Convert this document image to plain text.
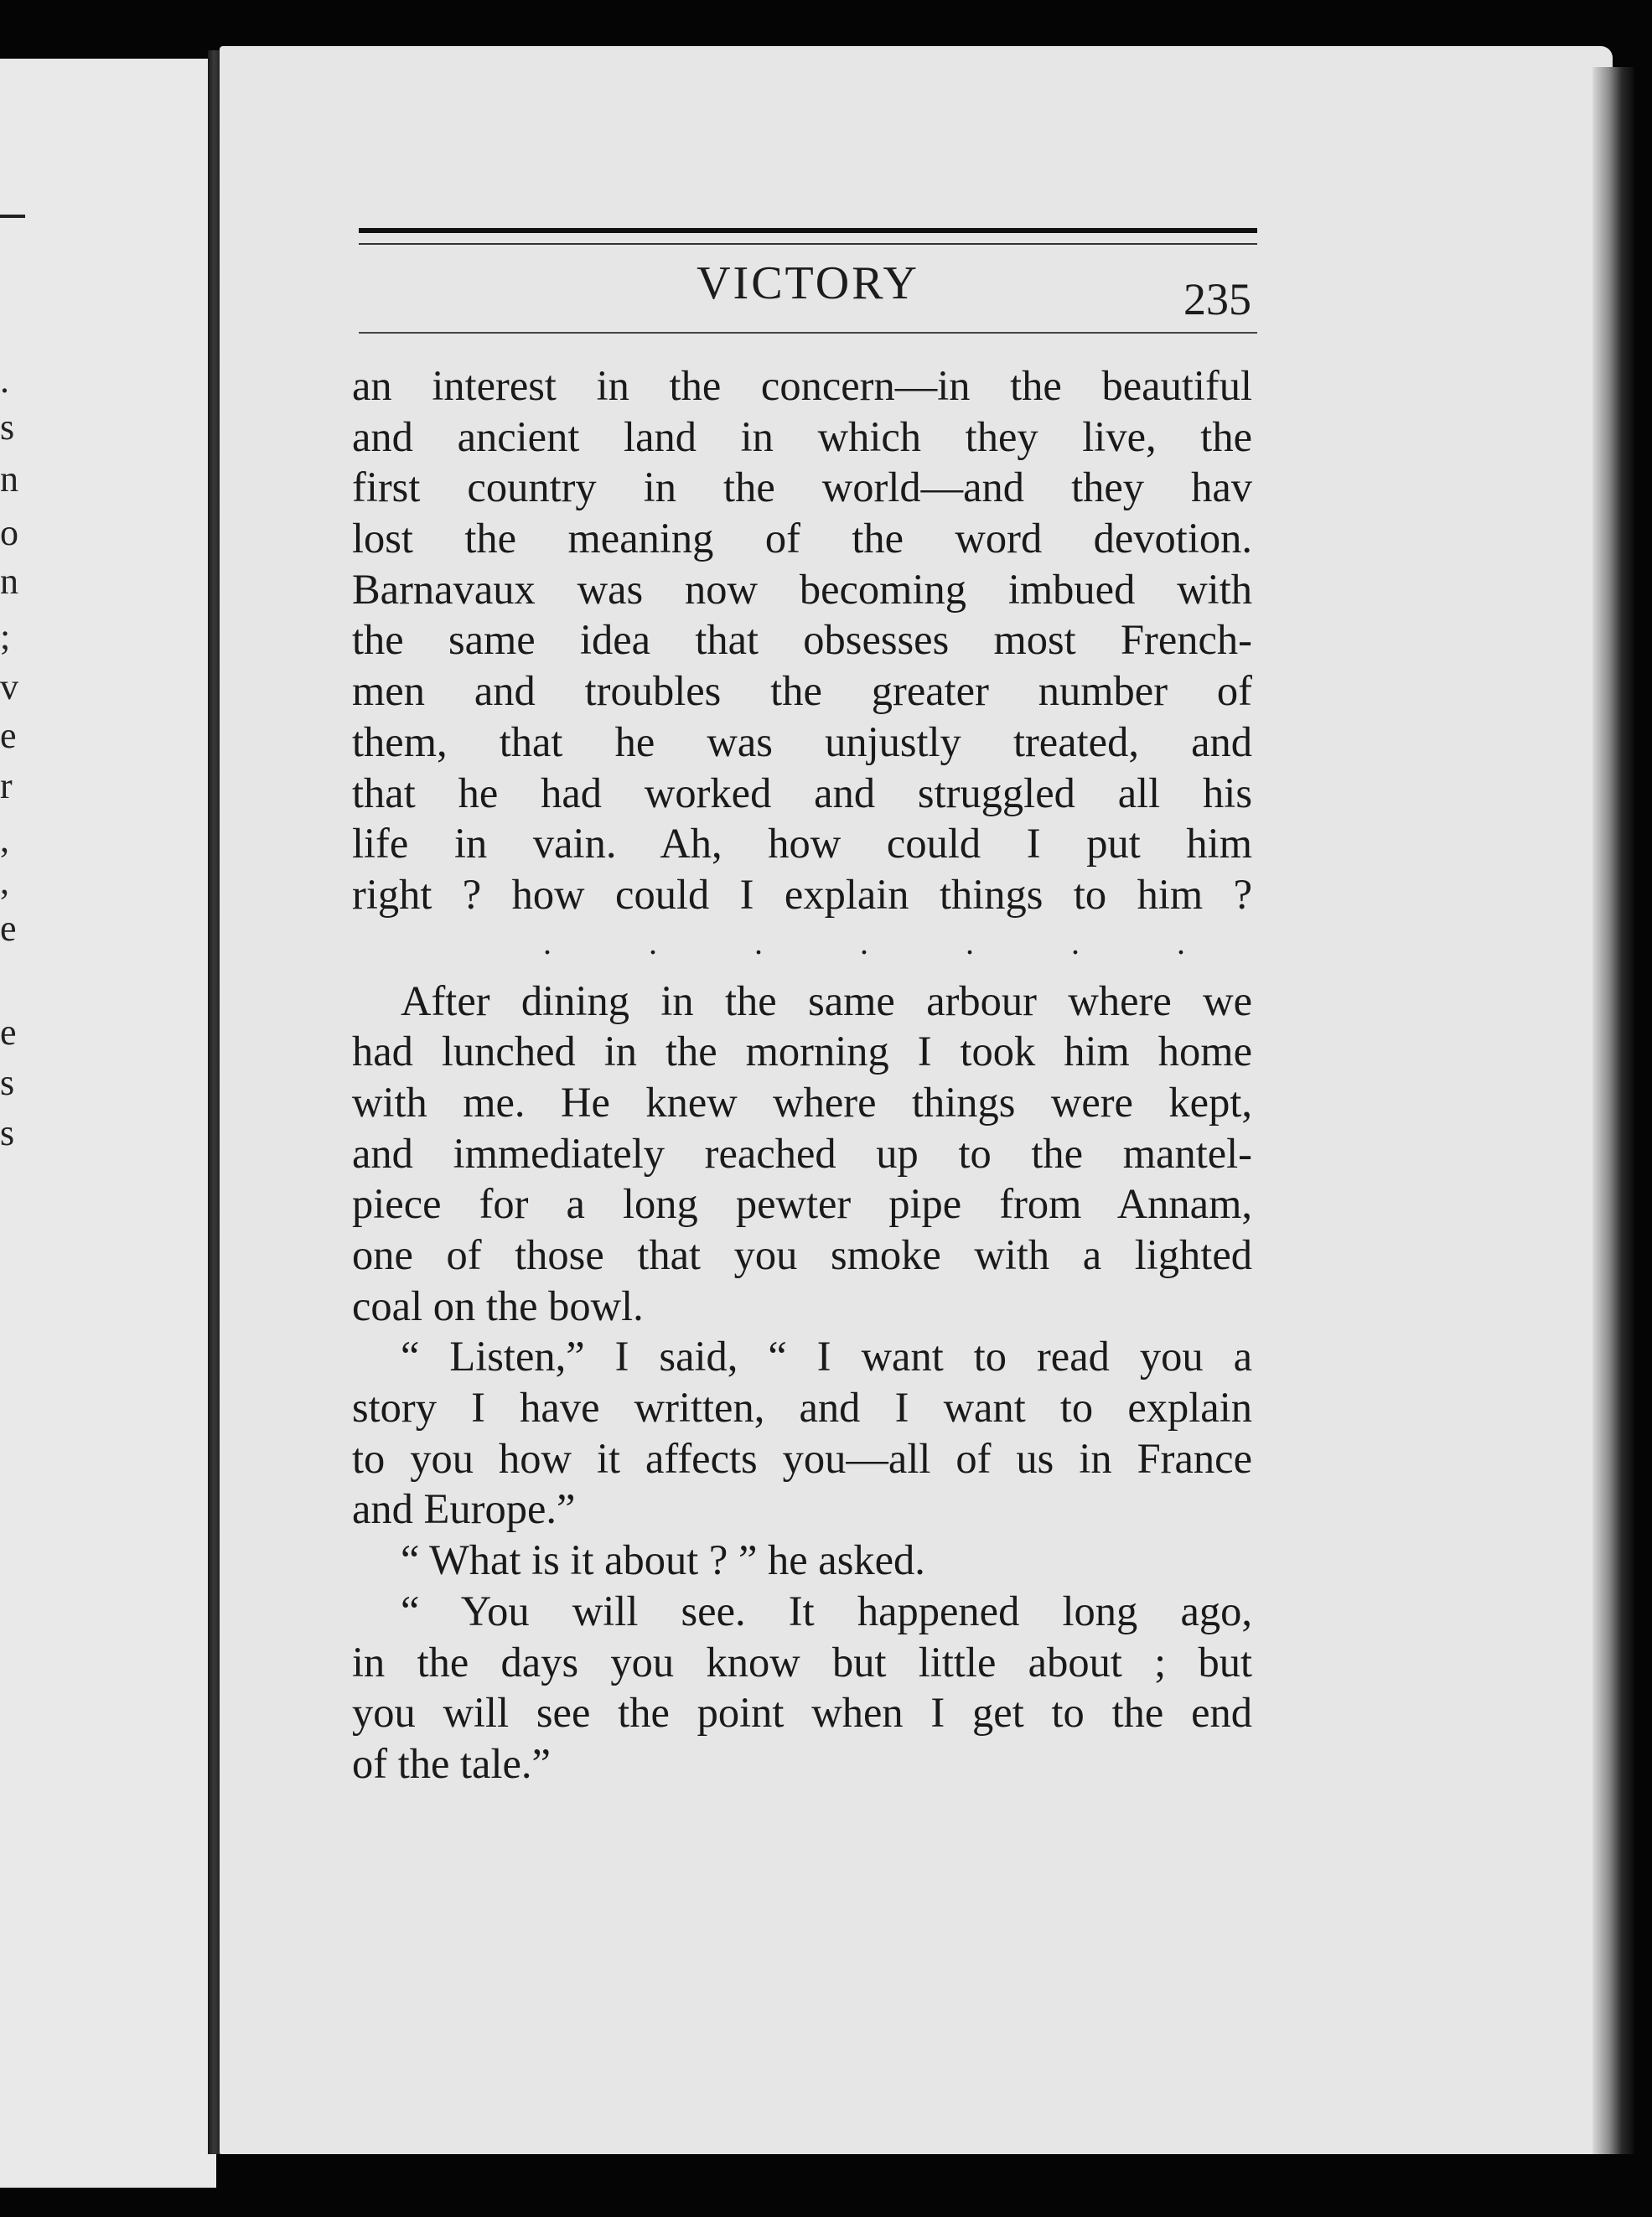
.
s
n
o
n
;
v
e
r
,
,
e
e
s
s
VICTORY	235
an interest in the concern—in the beautiful
and ancient land in which they live, the
first country in the world—and they hav
lost the meaning of the word devotion.
Barnavaux was now becoming imbued with
the same idea that obsesses most French-
men and troubles the greater number of
them, that he was unjustly treated, and
that he had worked and struggled all his
life in vain. Ah, how could I put him
right ? how could I explain things to him ?
.	.	.	.	.	.	.
After dining in the same arbour where we
had lunched in the morning I took him home
with me. He knew where things were kept,
and immediately reached up to the mantel-
piece for a long pewter pipe from Annam,
one of those that you smoke with a lighted
coal on the bowl.
“ Listen,” I said, “ I want to read you a
story I have written, and I want to explain
to you how it affects you—all of us in France
and Europe.”
“ What is it about ? ” he asked.
“ You will see. It happened long ago,
in the days you know but little about ; but
you will see the point when I get to the end
of the tale.”
